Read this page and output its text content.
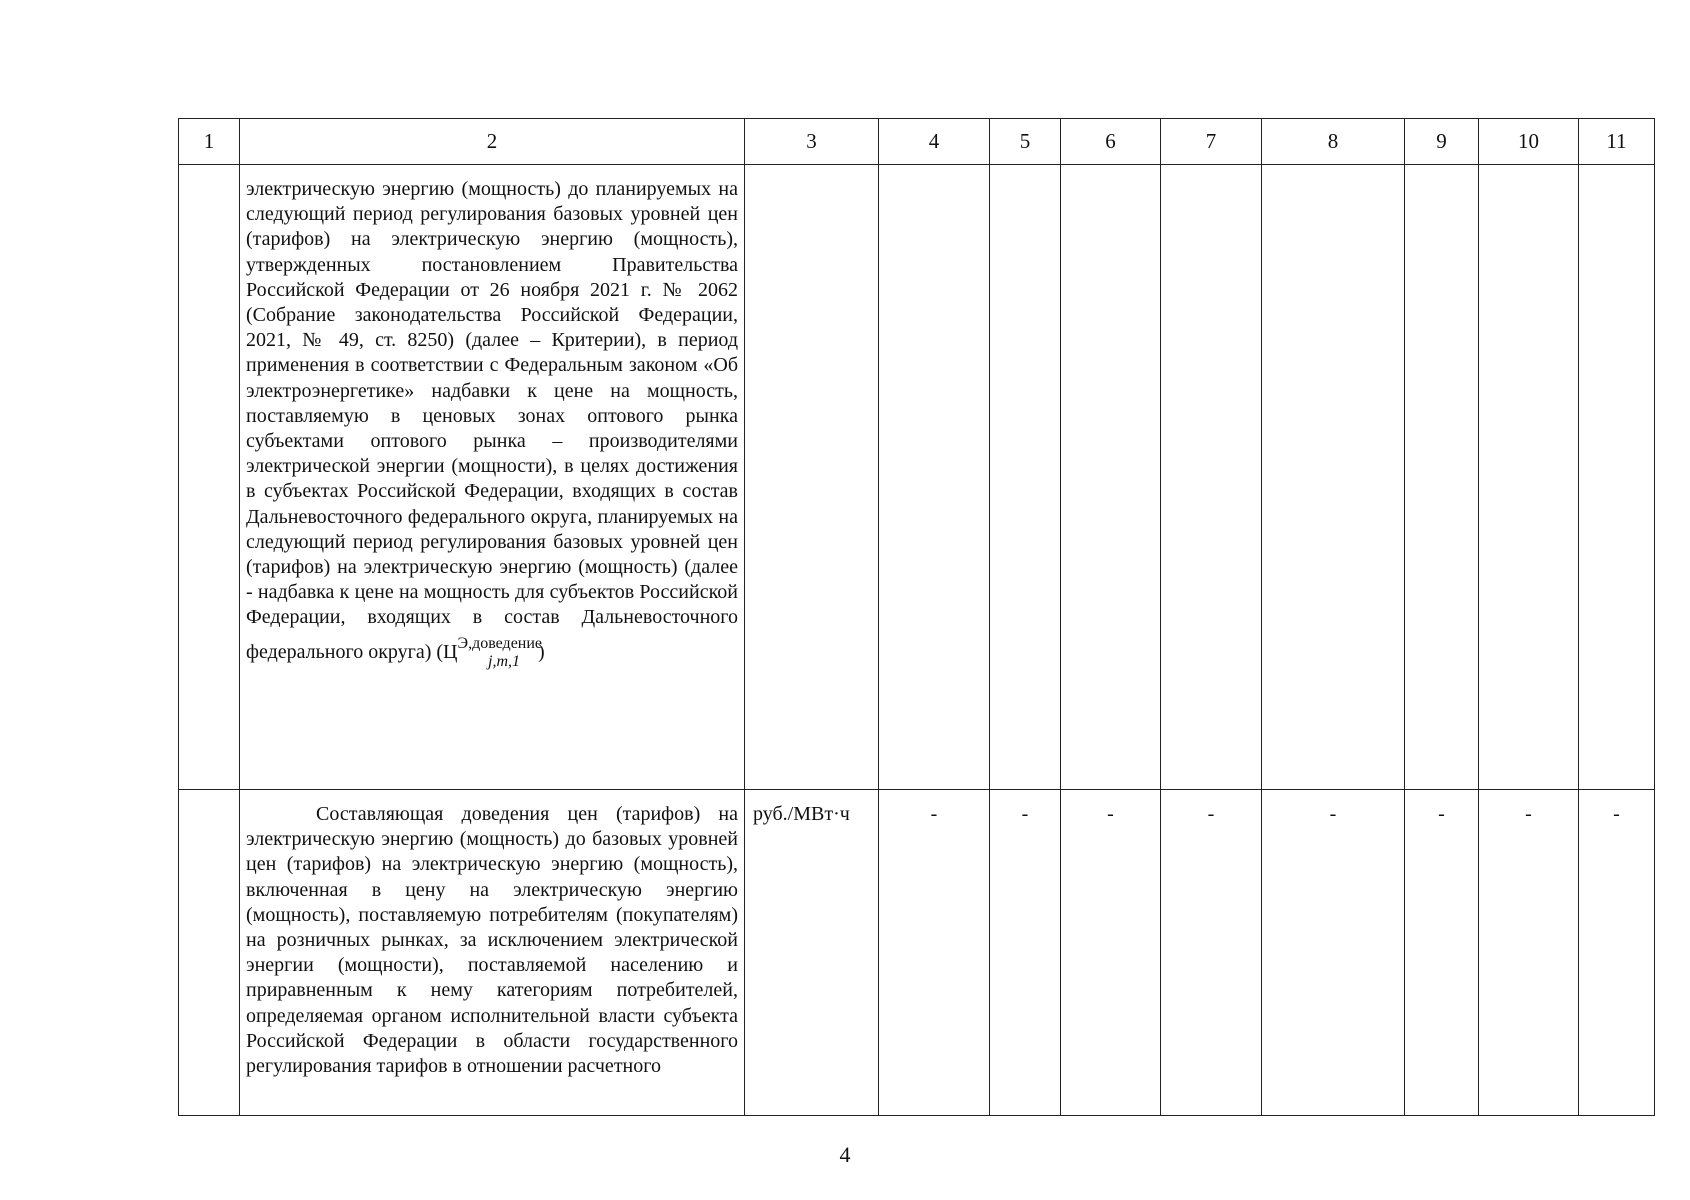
1	2	3	4	5	6	7	8	9	10	11
	электрическую энергию (мощность) до планируемых на следующий период регулирования базовых уровней цен (тарифов) на электрическую энергию (мощность), утвержденных постановлением Правительства Российской Федерации от 26 ноября 2021 г. № 2062 (Собрание законодательства Российской Федерации, 2021, № 49, ст. 8250) (далее – Критерии), в период применения в соответствии с Федеральным законом «Об электроэнергетике» надбавки к цене на мощность, поставляемую в ценовых зонах оптового рынка субъектами оптового рынка – производителями электрической энергии (мощности), в целях достижения в субъектах Российской Федерации, входящих в состав Дальневосточного федерального округа, планируемых на следующий период регулирования базовых уровней цен (тарифов) на электрическую энергию (мощность) (далее - надбавка к цене на мощность для субъектов Российской Федерации, входящих в состав Дальневосточного федерального округа) ($Ц^{Э,доведение}_{j,m,1}$ )									

	Составляющая доведения цен (тарифов) на электрическую энергию (мощность) до базовых уровней цен (тарифов) на электрическую энергию (мощность), включенная в цену на электрическую энергию (мощность), поставляемую потребителям (покупателям) на розничных рынках, за исключением электрической энергии (мощности), поставляемой населению и приравненным к нему категориям потребителей, определяемая органом исполнительной власти субъекта Российской Федерации в области государственного регулирования тарифов в отношении расчетного	руб./МВт·ч	-	-	-	-	-	-	-	-
4
